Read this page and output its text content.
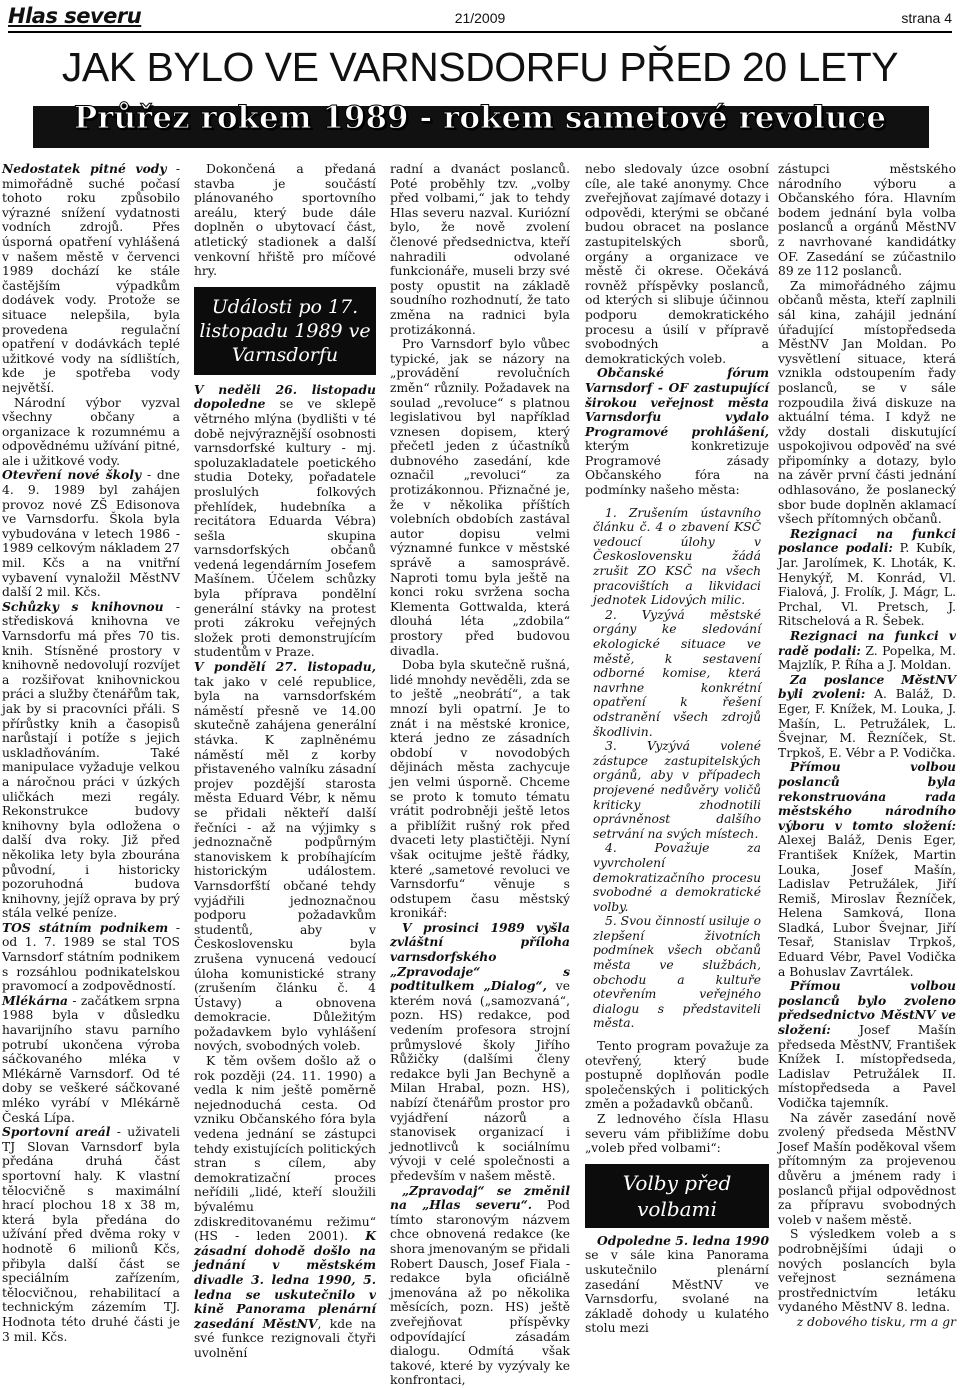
Hlas severu	21/2009	strana 4
JAK BYLO VE VARNSDORFU PŘED 20 LETY
Průřez rokem 1989 - rokem sametové revoluce

Nedostatek pitné vody - mimořádně suché počasí tohoto roku způsobilo výrazné snížení vydatnosti vodních zdrojů. Přes úsporná opatření vyhlášená v našem městě v červenci 1989 dochází ke stále častějším výpadkům dodávek vody. Protože se situace nelepšila, byla provedena regulační opatření v dodávkách teplé užitkové vody na sídlištích, kde je spotřeba vody největší.

Národní výbor vyzval všechny občany a organizace k rozumnému a odpovědnému užívání pitné, ale i užitkové vody.

Otevření nové školy - dne 4. 9. 1989 byl zahájen provoz nové ZŠ Edisonova ve Varnsdorfu. Škola byla vybudována v letech 1986 - 1989 celkovým nákladem 27 mil. Kčs a na vnitřní vybavení vynaložil MěstNV další 2 mil. Kčs.

Schůzky s knihovnou - středisková knihovna ve Varnsdorfu má přes 70 tis. knih. Stísněné prostory v knihovně nedovolují rozvíjet a rozšiřovat knihovnickou práci a služby čtenářům tak, jak by si pracovníci přáli. S přírůstky knih a časopisů narůstají i potíže s jejich uskladňováním. Také manipulace vyžaduje velkou a náročnou práci v úzkých uličkách mezi regály. Rekonstrukce budovy knihovny byla odložena o další dva roky. Již před několika lety byla zbourána původní, i historicky pozoruhodná budova knihovny, jejíž oprava by prý stála velké peníze.

TOS státním podnikem - od 1. 7. 1989 se stal TOS Varnsdorf státním podnikem s rozsáhlou podnikatelskou pravomocí a zodpovědností.

Mlékárna - začátkem srpna 1988 byla v důsledku havarijního stavu parního potrubí ukončena výroba sáčkovaného mléka v Mlékárně Varnsdorf. Od té doby se veškeré sáčkované mléko vyrábí v Mlékárně Česká Lípa.

Sportovní areál - uživateli TJ Slovan Varnsdorf byla předána druhá část sportovní haly. K vlastní tělocvičně s maximální hrací plochou 18 x 38 m, která byla předána do užívání před dvěma roky v hodnotě 6 milionů Kčs, přibyla další část se speciálním zařízením, tělocvičnou, rehabilitací a technickým zázemím TJ. Hodnota této druhé části je 3 mil. Kčs.

Dokončená a předaná stavba je součástí plánovaného sportovního areálu, který bude dále doplněn o ubytovací část, atletický stadionek a další venkovní hřiště pro míčové hry.

Události po 17. listopadu 1989 ve Varnsdorfu

V neděli 26. listopadu dopoledne se ve sklepě větrného mlýna (bydlišti v té době nejvýraznější osobnosti varnsdorfské kultury - mj. spoluzakladatele poetického studia Doteky, pořadatele proslulých folkových přehlídek, hudebníka a recitátora Eduarda Vébra) sešla skupina varnsdorfských občanů vedená legendárním Josefem Mašínem. Účelem schůzky byla příprava pondělní generální stávky na protest proti zákroku veřejných složek proti demonstrujícím studentům v Praze.

V pondělí 27. listopadu, tak jako v celé republice, byla na varnsdorfském náměstí přesně ve 14.00 skutečně zahájena generální stávka. K zaplněnému náměstí měl z korby přistaveného valníku zásadní projev pozdější starosta města Eduard Vébr, k němu se přidali někteří další řečníci - až na výjimky s jednoznačně podpůrným stanoviskem k probíhajícím historickým událostem. Varnsdorfští občané tehdy vyjádřili jednoznačnou podporu požadavkům studentů, aby v Československu byla zrušena vynucená vedoucí úloha komunistické strany (zrušením článku č. 4 Ústavy) a obnovena demokracie. Důležitým požadavkem bylo vyhlášení nových, svobodných voleb.

K těm ovšem došlo až o rok později (24. 11. 1990) a vedla k nim ještě poměrně nejednoduchá cesta. Od vzniku Občanského fóra byla vedena jednání se zástupci tehdy existujících politických stran s cílem, aby demokratizační proces neřídili „lidé, kteří sloužili bývalému zdiskreditovanému režimu“ (HS - leden 2001). K zásadní dohodě došlo na jednání v městském divadle 3. ledna 1990, 5. ledna se uskutečnilo v kině Panorama plenární zasedání MěstNV, kde na své funkce rezignovali čtyři uvolnění

radní a dvanáct poslanců. Poté proběhly tzv. „volby před volbami,“ jak to tehdy Hlas severu nazval. Kuriózní bylo, že nově zvolení členové předsednictva, kteří nahradili odvolané funkcionáře, museli brzy své posty opustit na základě soudního rozhodnutí, že tato změna na radnici byla protizákonná.

Pro Varnsdorf bylo vůbec typické, jak se názory na „provádění revolučních změn“ různily. Požadavek na soulad „revoluce“ s platnou legislativou byl například vznesen dopisem, který přečetl jeden z účastníků dubnového zasedání, kde označil „revoluci“ za protizákonnou. Přiznačné je, že v několika příštích volebních obdobích zastával autor dopisu velmi významné funkce v městské správě a samosprávě. Naproti tomu byla ještě na konci roku svržena socha Klementa Gottwalda, která dlouhá léta „zdobila“ prostory před budovou divadla.

Doba byla skutečně rušná, lidé mnohdy nevěděli, zda se to ještě „neobrátí“, a tak mnozí byli opatrní. Je to znát i na městské kronice, která jedno ze zásadních období v novodobých dějinách města zachycuje jen velmi úsporně. Chceme se proto k tomuto tématu vrátit podrobněji ještě letos a přiblížit rušný rok před dvaceti lety plastičtěji. Nyní však ocitujme ještě řádky, které „sametové revoluci ve Varnsdorfu“ věnuje s odstupem času městský kronikář:

V prosinci 1989 vyšla zvláštní příloha varnsdorfského „Zpravodaje“ s podtitulkem „Dialog“, ve kterém nová („samozvaná“, pozn. HS) redakce, pod vedením profesora strojní průmyslové školy Jiřího Růžičky (dalšími členy redakce byli Jan Bechyně a Milan Hrabal, pozn. HS), nabízí čtenářům prostor pro vyjádření názorů a stanovisek organizací i jednotlivců k sociálnímu vývoji v celé společnosti a především v našem městě.

„Zpravodaj“ se změnil na „Hlas severu“. Pod tímto staronovým názvem chce obnovená redakce (ke shora jmenovaným se přidali Robert Dausch, Josef Fiala - redakce byla oficiálně jmenována až po několika měsících, pozn. HS) ještě zveřejňovat příspěvky odpovídající zásadám dialogu. Odmítá však takové, které by vyzývaly ke konfrontaci,

nebo sledovaly úzce osobní cíle, ale také anonymy. Chce zveřejňovat zajímavé dotazy i odpovědi, kterými se občané budou obracet na poslance zastupitelských sborů, orgány a organizace ve městě či okrese. Očekává rovněž příspěvky poslanců, od kterých si slibuje účinnou podporu demokratického procesu a úsilí v přípravě svobodných a demokratických voleb.

Občanské fórum Varnsdorf - OF zastupující širokou veřejnost města Varnsdorfu vydalo Programové prohlášení, kterým konkretizuje Programové zásady Občanského fóra na podmínky našeho města:

1. Zrušením ústavního článku č. 4 o zbavení KSČ vedoucí úlohy v Československu žádá zrušit ZO KSČ na všech pracovištích a likvidaci jednotek Lidových milic.

2. Vyzývá městské orgány ke sledování ekologické situace ve městě, k sestavení odborné komise, která navrhne konkrétní opatření k řešení odstranění všech zdrojů škodlivin.

3. Vyzývá volené zástupce zastupitelských orgánů, aby v případech projevené nedůvěry voličů kriticky zhodnotili oprávněnost dalšího setrvání na svých místech.

4. Považuje za vyvrcholení demokratizačního procesu svobodné a demokratické volby.

5. Svou činností usiluje o zlepšení životních podmínek všech občanů města ve službách, obchodu a kultuře otevřením veřejného dialogu s představiteli města.

Tento program považuje za otevřený, který bude postupně doplňován podle společenských i politických změn a požadavků občanů.

Z lednového čísla Hlasu severu vám přibližíme dobu „voleb před volbami“:

Volby před volbami

Odpoledne 5. ledna 1990 se v sále kina Panorama uskutečnilo plenární zasedání MěstNV ve Varnsdorfu, svolané na základě dohody u kulatého stolu mezi

zástupci městského národního výboru a Občanského fóra. Hlavním bodem jednání byla volba poslanců a orgánů MěstNV z navrhované kandidátky OF. Zasedání se zúčastnilo 89 ze 112 poslanců.

Za mimořádného zájmu občanů města, kteří zaplnili sál kina, zahájil jednání úřadující místopředseda MěstNV Jan Moldan. Po vysvětlení situace, která vznikla odstoupením řady poslanců, se v sále rozpoudila živá diskuze na aktuální téma. I když ne vždy dostali diskutující uspokojivou odpověď na své připomínky a dotazy, bylo na závěr první části jednání odhlasováno, že poslanecký sbor bude doplněn aklamací všech přítomných občanů.

Rezignaci na funkci poslance podali: P. Kubík, Jar. Jarolímek, K. Lhoták, K. Henykýř, M. Konrád, Vl. Fialová, J. Frolík, J. Mágr, L. Prchal, Vl. Pretsch, J. Ritschelová a R. Šebek.

Rezignaci na funkci v radě podali: Z. Popelka, M. Majzlík, P. Říha a J. Moldan.

Za poslance MěstNV byli zvoleni: A. Baláž, D. Eger, F. Knížek, M. Louka, J. Mašín, L. Petružálek, L. Švejnar, M. Řezníček, St. Trpkoš, E. Vébr a P. Vodička.

Přímou volbou poslanců byla rekonstruována rada městského národního výboru v tomto složení: Alexej Baláž, Denis Eger, František Knížek, Martin Louka, Josef Mašín, Ladislav Petružálek, Jiří Remiš, Miroslav Řezníček, Helena Samková, Ilona Sladká, Lubor Švejnar, Jiří Tesař, Stanislav Trpkoš, Eduard Vébr, Pavel Vodička a Bohuslav Zavrtálek.

Přímou volbou poslanců bylo zvoleno předsednictvo MěstNV ve složení: Josef Mašín předseda MěstNV, František Knížek I. místopředseda, Ladislav Petružálek II. místopředseda a Pavel Vodička tajemník.

Na závěr zasedání nově zvolený předseda MěstNV Josef Mašín poděkoval všem přítomným za projevenou důvěru a jménem rady i poslanců přijal odpovědnost za přípravu svobodných voleb v našem městě.

S výsledkem voleb a s podrobnějšími údaji o nových poslancích byla veřejnost seznámena prostřednictvím letáku vydaného MěstNV 8. ledna.

z dobového tisku, rm a gr
